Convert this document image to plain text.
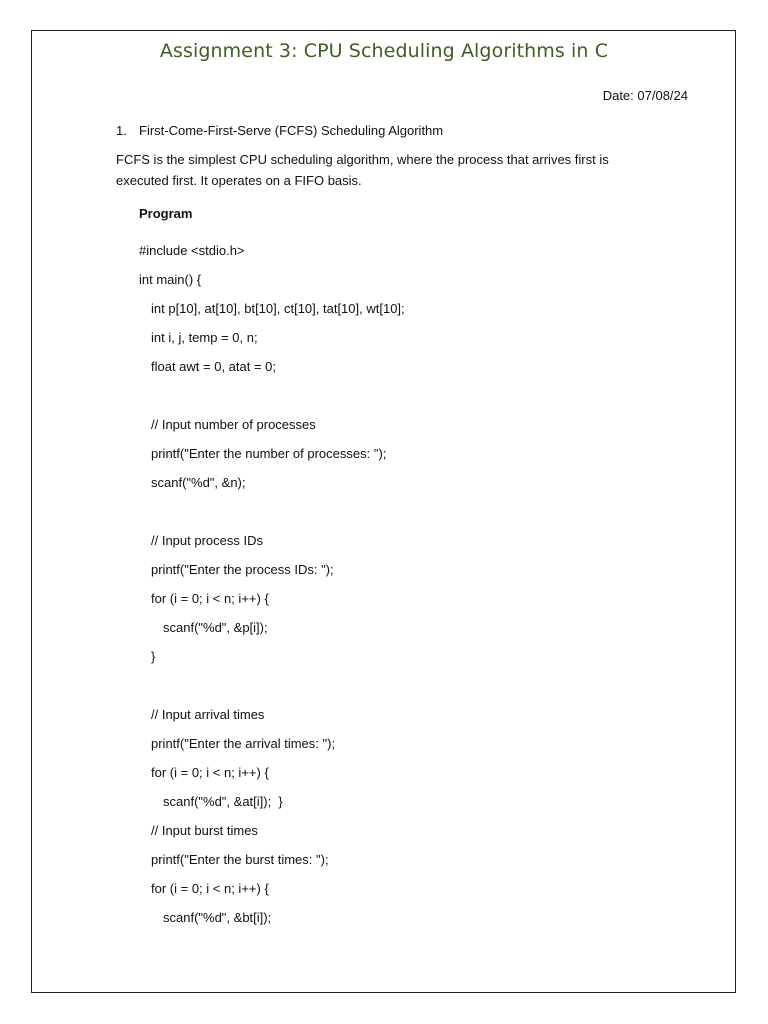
Assignment 3: CPU Scheduling Algorithms in C
Date: 07/08/24
1. First-Come-First-Serve (FCFS) Scheduling Algorithm
FCFS is the simplest CPU scheduling algorithm, where the process that arrives first is executed first. It operates on a FIFO basis.
Program
#include <stdio.h>
int main() {
int p[10], at[10], bt[10], ct[10], tat[10], wt[10];
int i, j, temp = 0, n;
float awt = 0, atat = 0;
// Input number of processes
printf("Enter the number of processes: ");
scanf("%d", &n);
// Input process IDs
printf("Enter the process IDs: ");
for (i = 0; i < n; i++) {
scanf("%d", &p[i]);
}
// Input arrival times
printf("Enter the arrival times: ");
for (i = 0; i < n; i++) {
scanf("%d", &at[i]);  }
// Input burst times
printf("Enter the burst times: ");
for (i = 0; i < n; i++) {
scanf("%d", &bt[i]);
